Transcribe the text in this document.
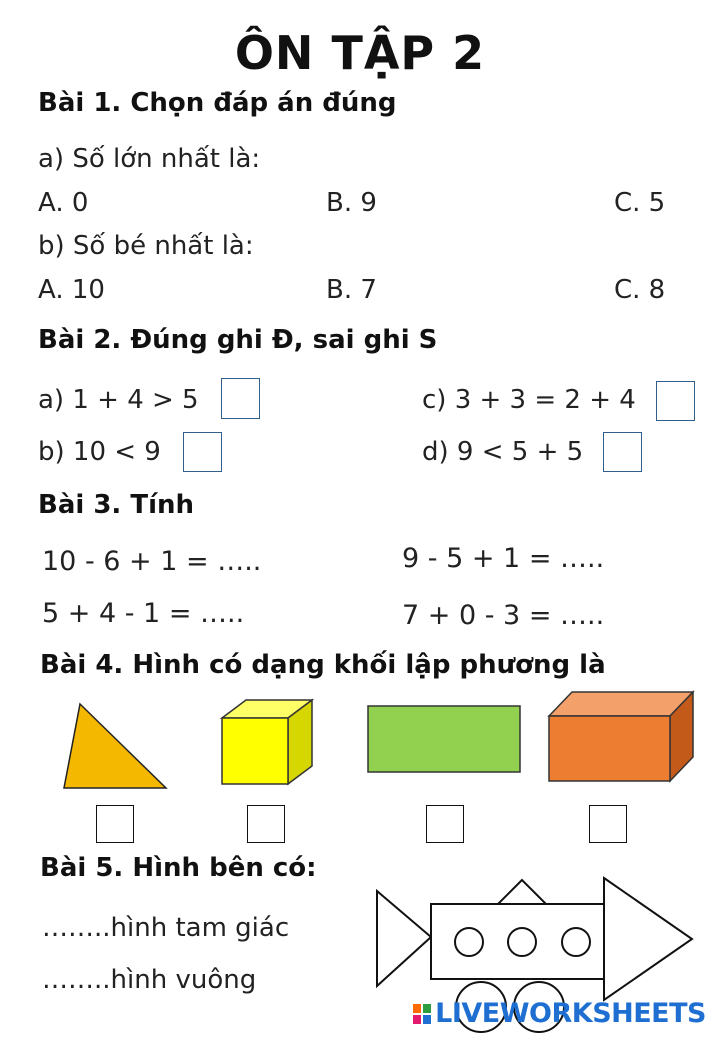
ÔN TẬP 2
Bài 1. Chọn đáp án đúng
a) Số lớn nhất là:
A. 0	B. 9	C. 5
b) Số bé nhất là:
A. 10	B. 7	C. 8
Bài 2. Đúng ghi Đ, sai ghi S
a) 1 + 4 > 5	c) 3 + 3 = 2 + 4
b) 10 < 9	d) 9 < 5 + 5
Bài 3. Tính
10 - 6 + 1 = …..	9 - 5 + 1 = …..
5 + 4 - 1 = …..	7 + 0 - 3 = …..
Bài 4. Hình có dạng khối lập phương là
Bài 5. Hình bên có:
……..hình tam giác
……..hình vuông
LIVEWORKSHEETS
